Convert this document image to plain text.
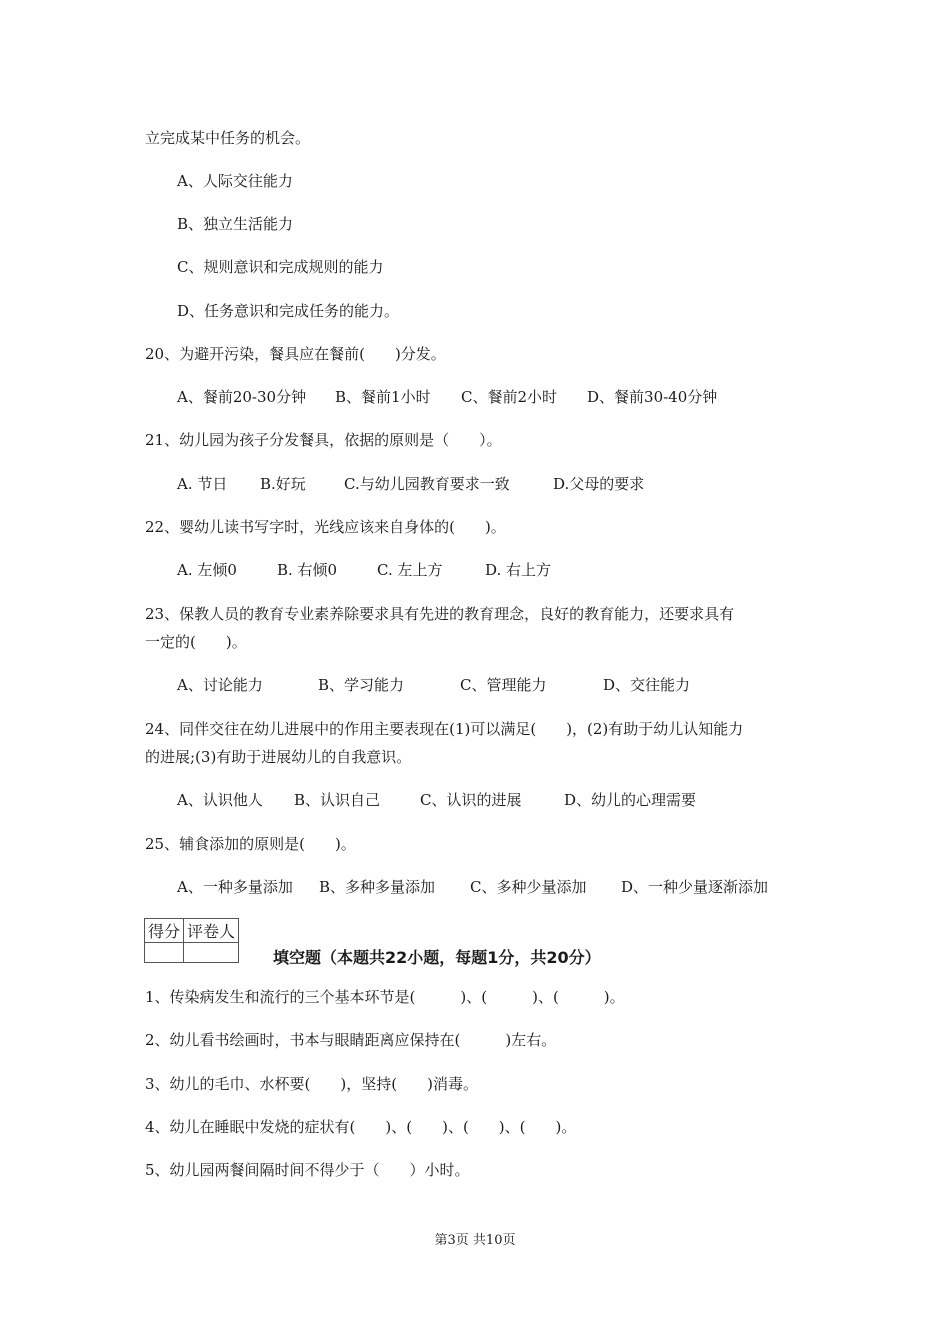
立完成某中任务的机会。
A、人际交往能力
B、独立生活能力
C、规则意识和完成规则的能力
D、任务意识和完成任务的能力。
20、为避开污染，餐具应在餐前(　　)分发。
A、餐前20-30分钟 B、餐前1小时 C、餐前2小时 D、餐前30-40分钟
21、幼儿园为孩子分发餐具，依据的原则是（　　）。
A. 节日 B.好玩	C.与幼儿园教育要求一致	D.父母的要求
22、婴幼儿读书写字时，光线应该来自身体的(　　)。
A. 左倾0	B. 右倾0	C. 左上方	D. 右上方
23、保教人员的教育专业素养除要求具有先进的教育理念，良好的教育能力，还要求具有
一定的(　　)。
A、讨论能力	B、学习能力	C、管理能力	D、交往能力
24、同伴交往在幼儿进展中的作用主要表现在(1)可以满足(　　)，(2)有助于幼儿认知能力
的进展;(3)有助于进展幼儿的自我意识。
A、认识他人 B、认识自己	C、认识的进展	D、幼儿的心理需要
25、辅食添加的原则是(　　)。
A、一种多量添加 B、多种多量添加 C、多种少量添加 D、一种少量逐渐添加
得分	评卷人

填空题（本题共22小题，每题1分，共20分）
1、传染病发生和流行的三个基本环节是(　　　)、(　　　)、(　　　)。
2、幼儿看书绘画时，书本与眼睛距离应保持在(　　　)左右。
3、幼儿的毛巾、水杯要(　　)，坚持(　　)消毒。
4、幼儿在睡眠中发烧的症状有(　　)、(　　)、(　　)、(　　)。
5、幼儿园两餐间隔时间不得少于（　　）小时。
第3页 共10页
